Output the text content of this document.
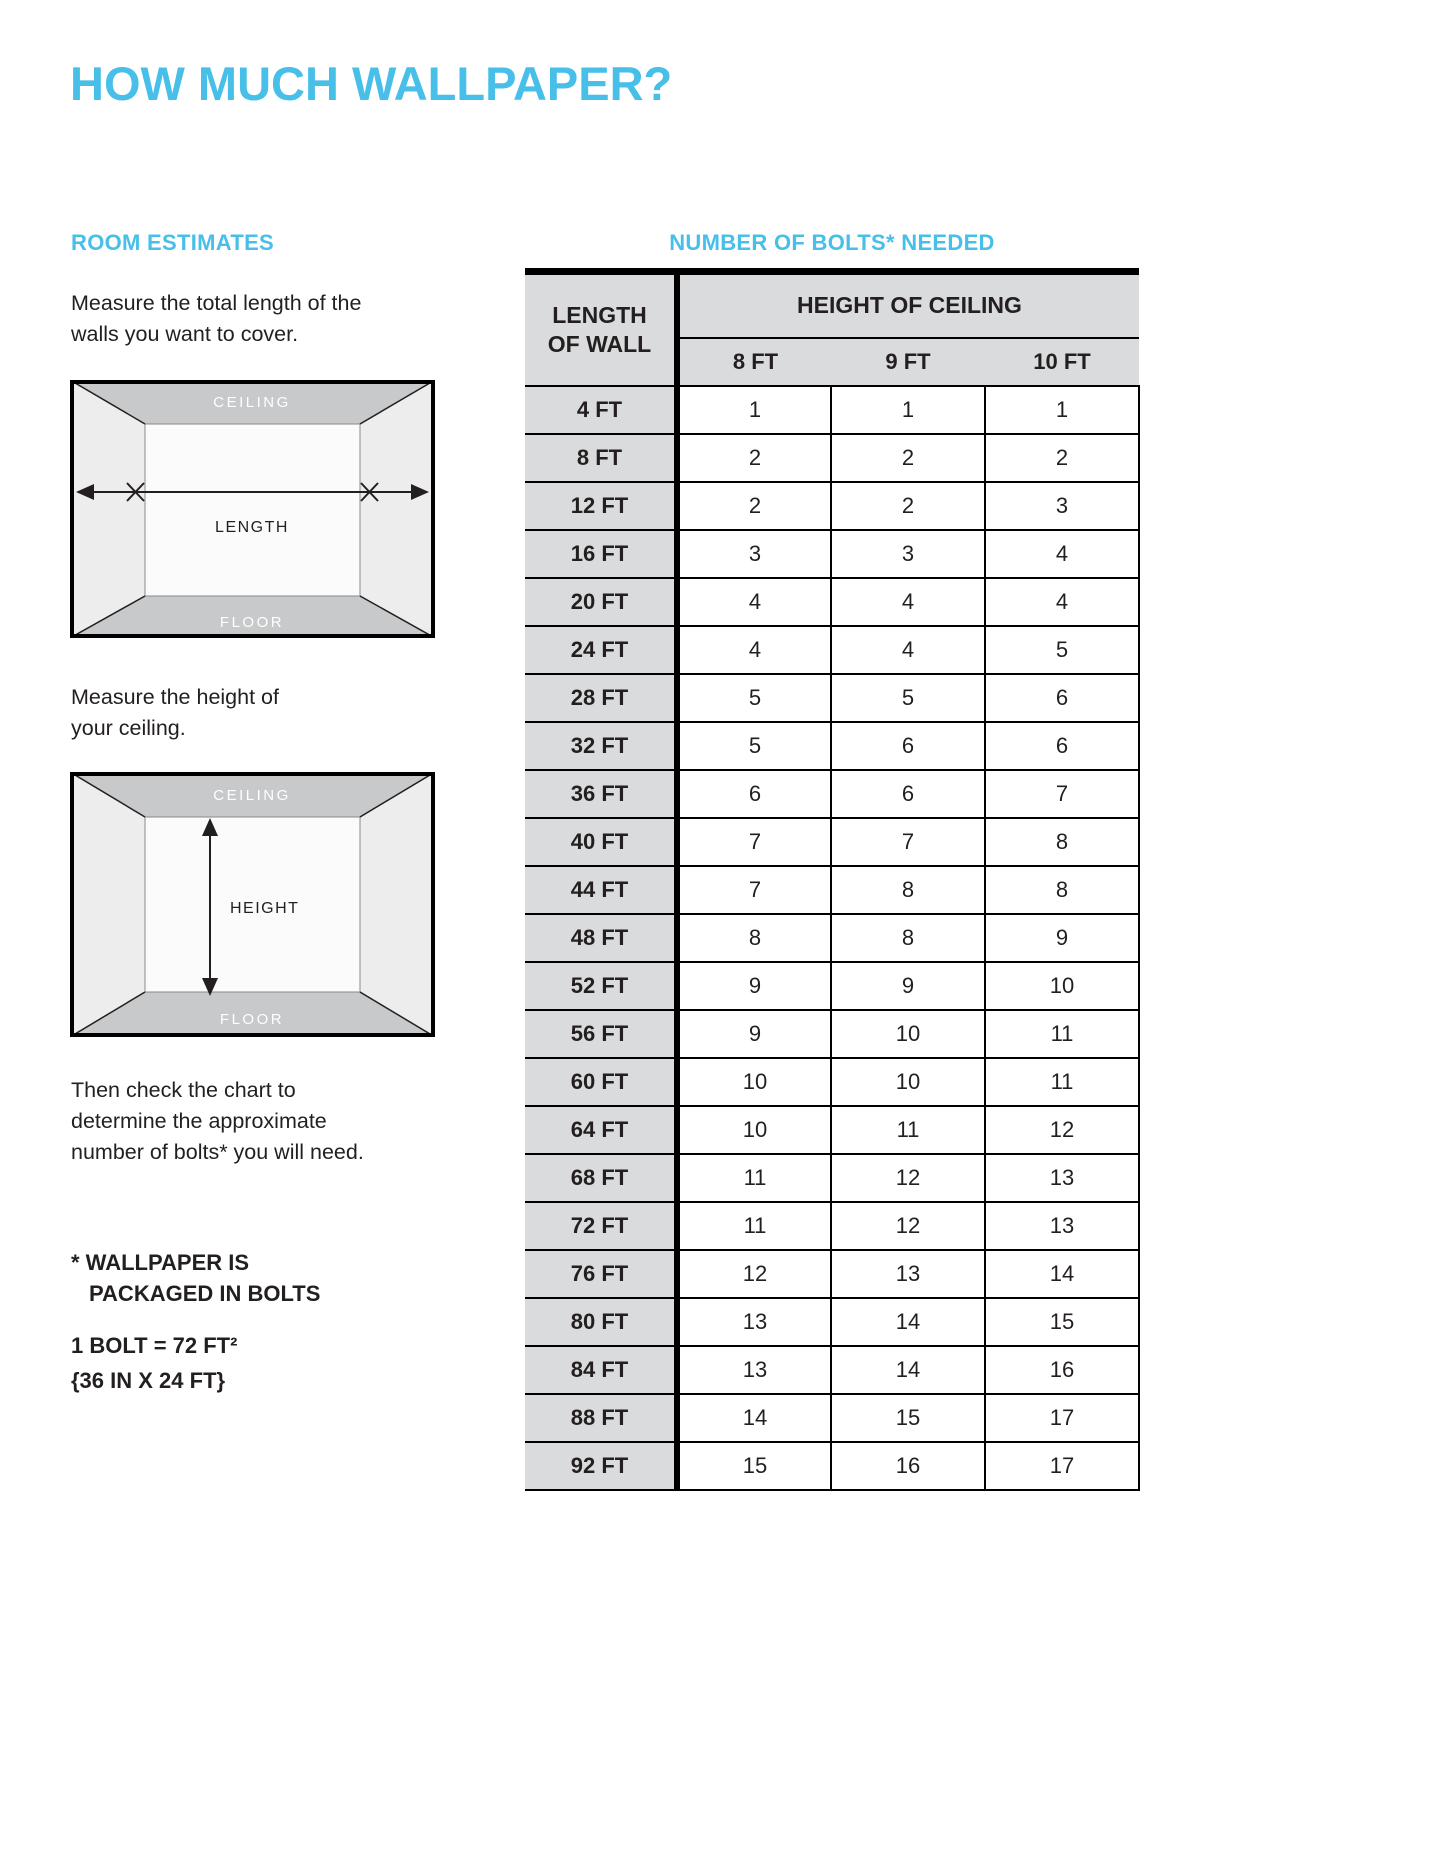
HOW MUCH WALLPAPER?
ROOM ESTIMATES

Measure the total length of the walls you want to cover.

CEILING
FLOOR
LENGTH

Measure the height of your ceiling.

CEILING
FLOOR
HEIGHT

Then check the chart to determine the approximate number of bolts* you will need.

* WALLPAPER IS
PACKAGED IN BOLTS
1 BOLT = 72 FT²
{36 IN X 24 FT}
NUMBER OF BOLTS* NEEDED
LENGTH
OF WALL	HEIGHT OF CEILING		
	8 FT	9 FT	10 FT
4 FT	1	1	1
8 FT	2	2	2
12 FT	2	2	3
16 FT	3	3	4
20 FT	4	4	4
24 FT	4	4	5
28 FT	5	5	6
32 FT	5	6	6
36 FT	6	6	7
40 FT	7	7	8
44 FT	7	8	8
48 FT	8	8	9
52 FT	9	9	10
56 FT	9	10	11
60 FT	10	10	11
64 FT	10	11	12
68 FT	11	12	13
72 FT	11	12	13
76 FT	12	13	14
80 FT	13	14	15
84 FT	13	14	16
88 FT	14	15	17
92 FT	15	16	17
